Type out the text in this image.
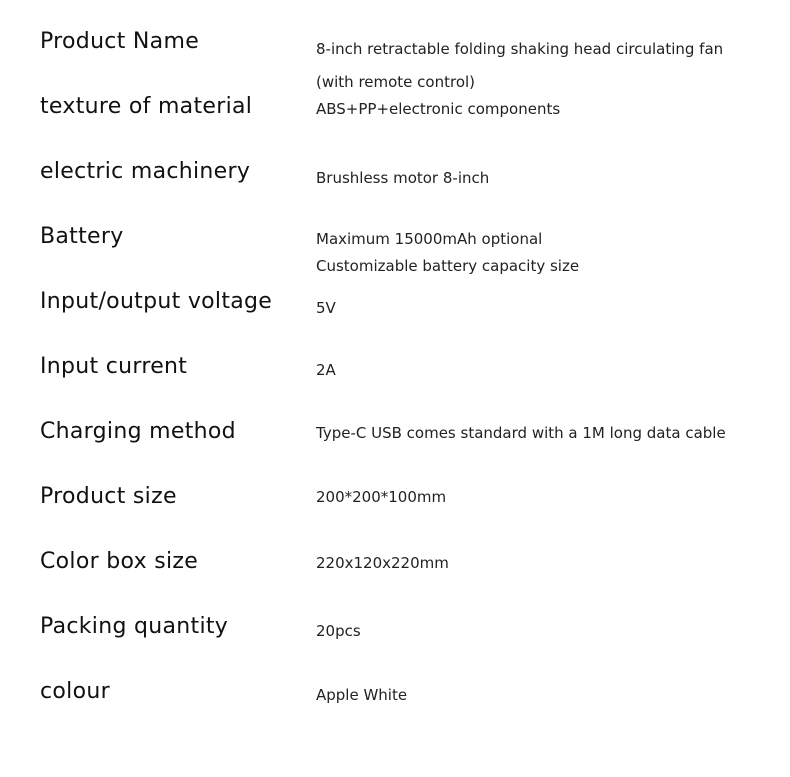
Product Name	8-inch retractable folding shaking head circulating fan
(with remote control)
texture of material	ABS+PP+electronic components
electric machinery	Brushless motor 8-inch
Battery	Maximum 15000mAh optional
Customizable battery capacity size
Input/output voltage	5V
Input current	2A
Charging method	Type-C USB comes standard with a 1M long data cable
Product size	200*200*100mm
Color box size	220x120x220mm
Packing quantity	20pcs
colour	Apple White
